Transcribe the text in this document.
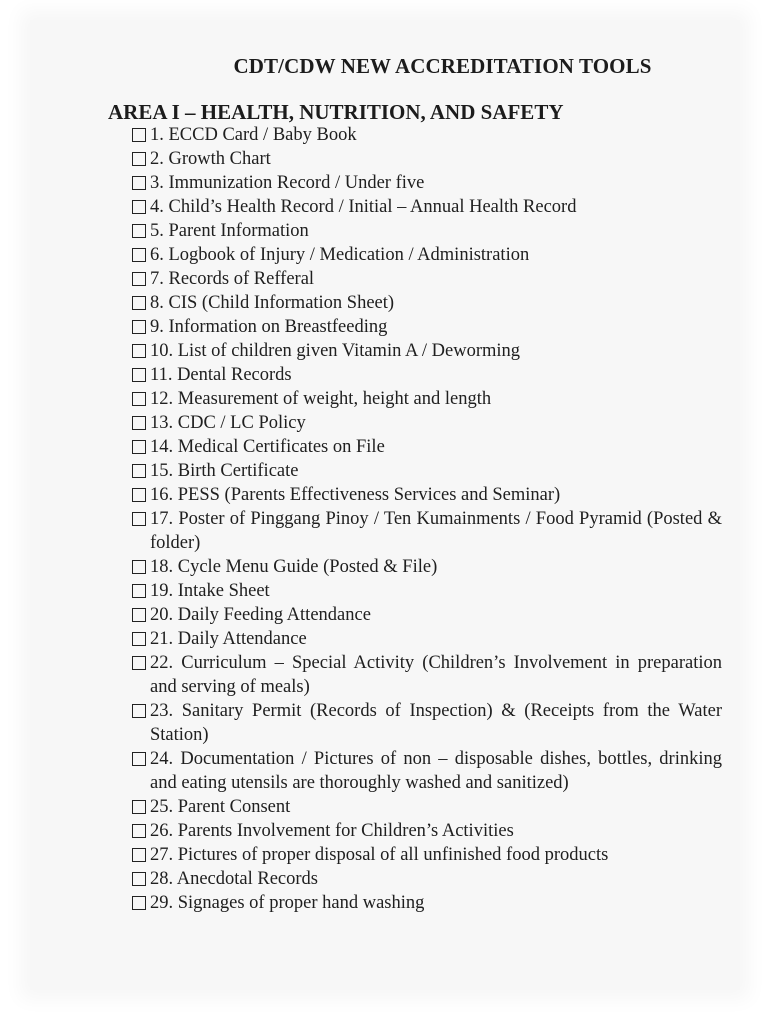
CDT/CDW NEW ACCREDITATION TOOLS
AREA I – HEALTH, NUTRITION, AND SAFETY
1. ECCD Card / Baby Book
2. Growth Chart
3. Immunization Record / Under five
4. Child’s Health Record / Initial – Annual Health Record
5. Parent Information
6. Logbook of Injury / Medication / Administration
7. Records of Refferal
8. CIS (Child Information Sheet)
9. Information on Breastfeeding
10. List of children given Vitamin A / Deworming
11. Dental Records
12. Measurement of weight, height and length
13. CDC / LC Policy
14. Medical Certificates on File
15. Birth Certificate
16. PESS (Parents Effectiveness Services and Seminar)
17. Poster of Pinggang Pinoy / Ten Kumainments / Food Pyramid (Posted & folder)
18. Cycle Menu Guide (Posted & File)
19. Intake Sheet
20. Daily Feeding Attendance
21. Daily Attendance
22. Curriculum – Special Activity (Children’s Involvement in preparation and serving of meals)
23. Sanitary Permit (Records of Inspection) & (Receipts from the Water Station)
24. Documentation / Pictures of non – disposable dishes, bottles, drinking and eating utensils are thoroughly washed and sanitized)
25. Parent Consent
26. Parents Involvement for Children’s Activities
27. Pictures of proper disposal of all unfinished food products
28. Anecdotal Records
29. Signages of proper hand washing
